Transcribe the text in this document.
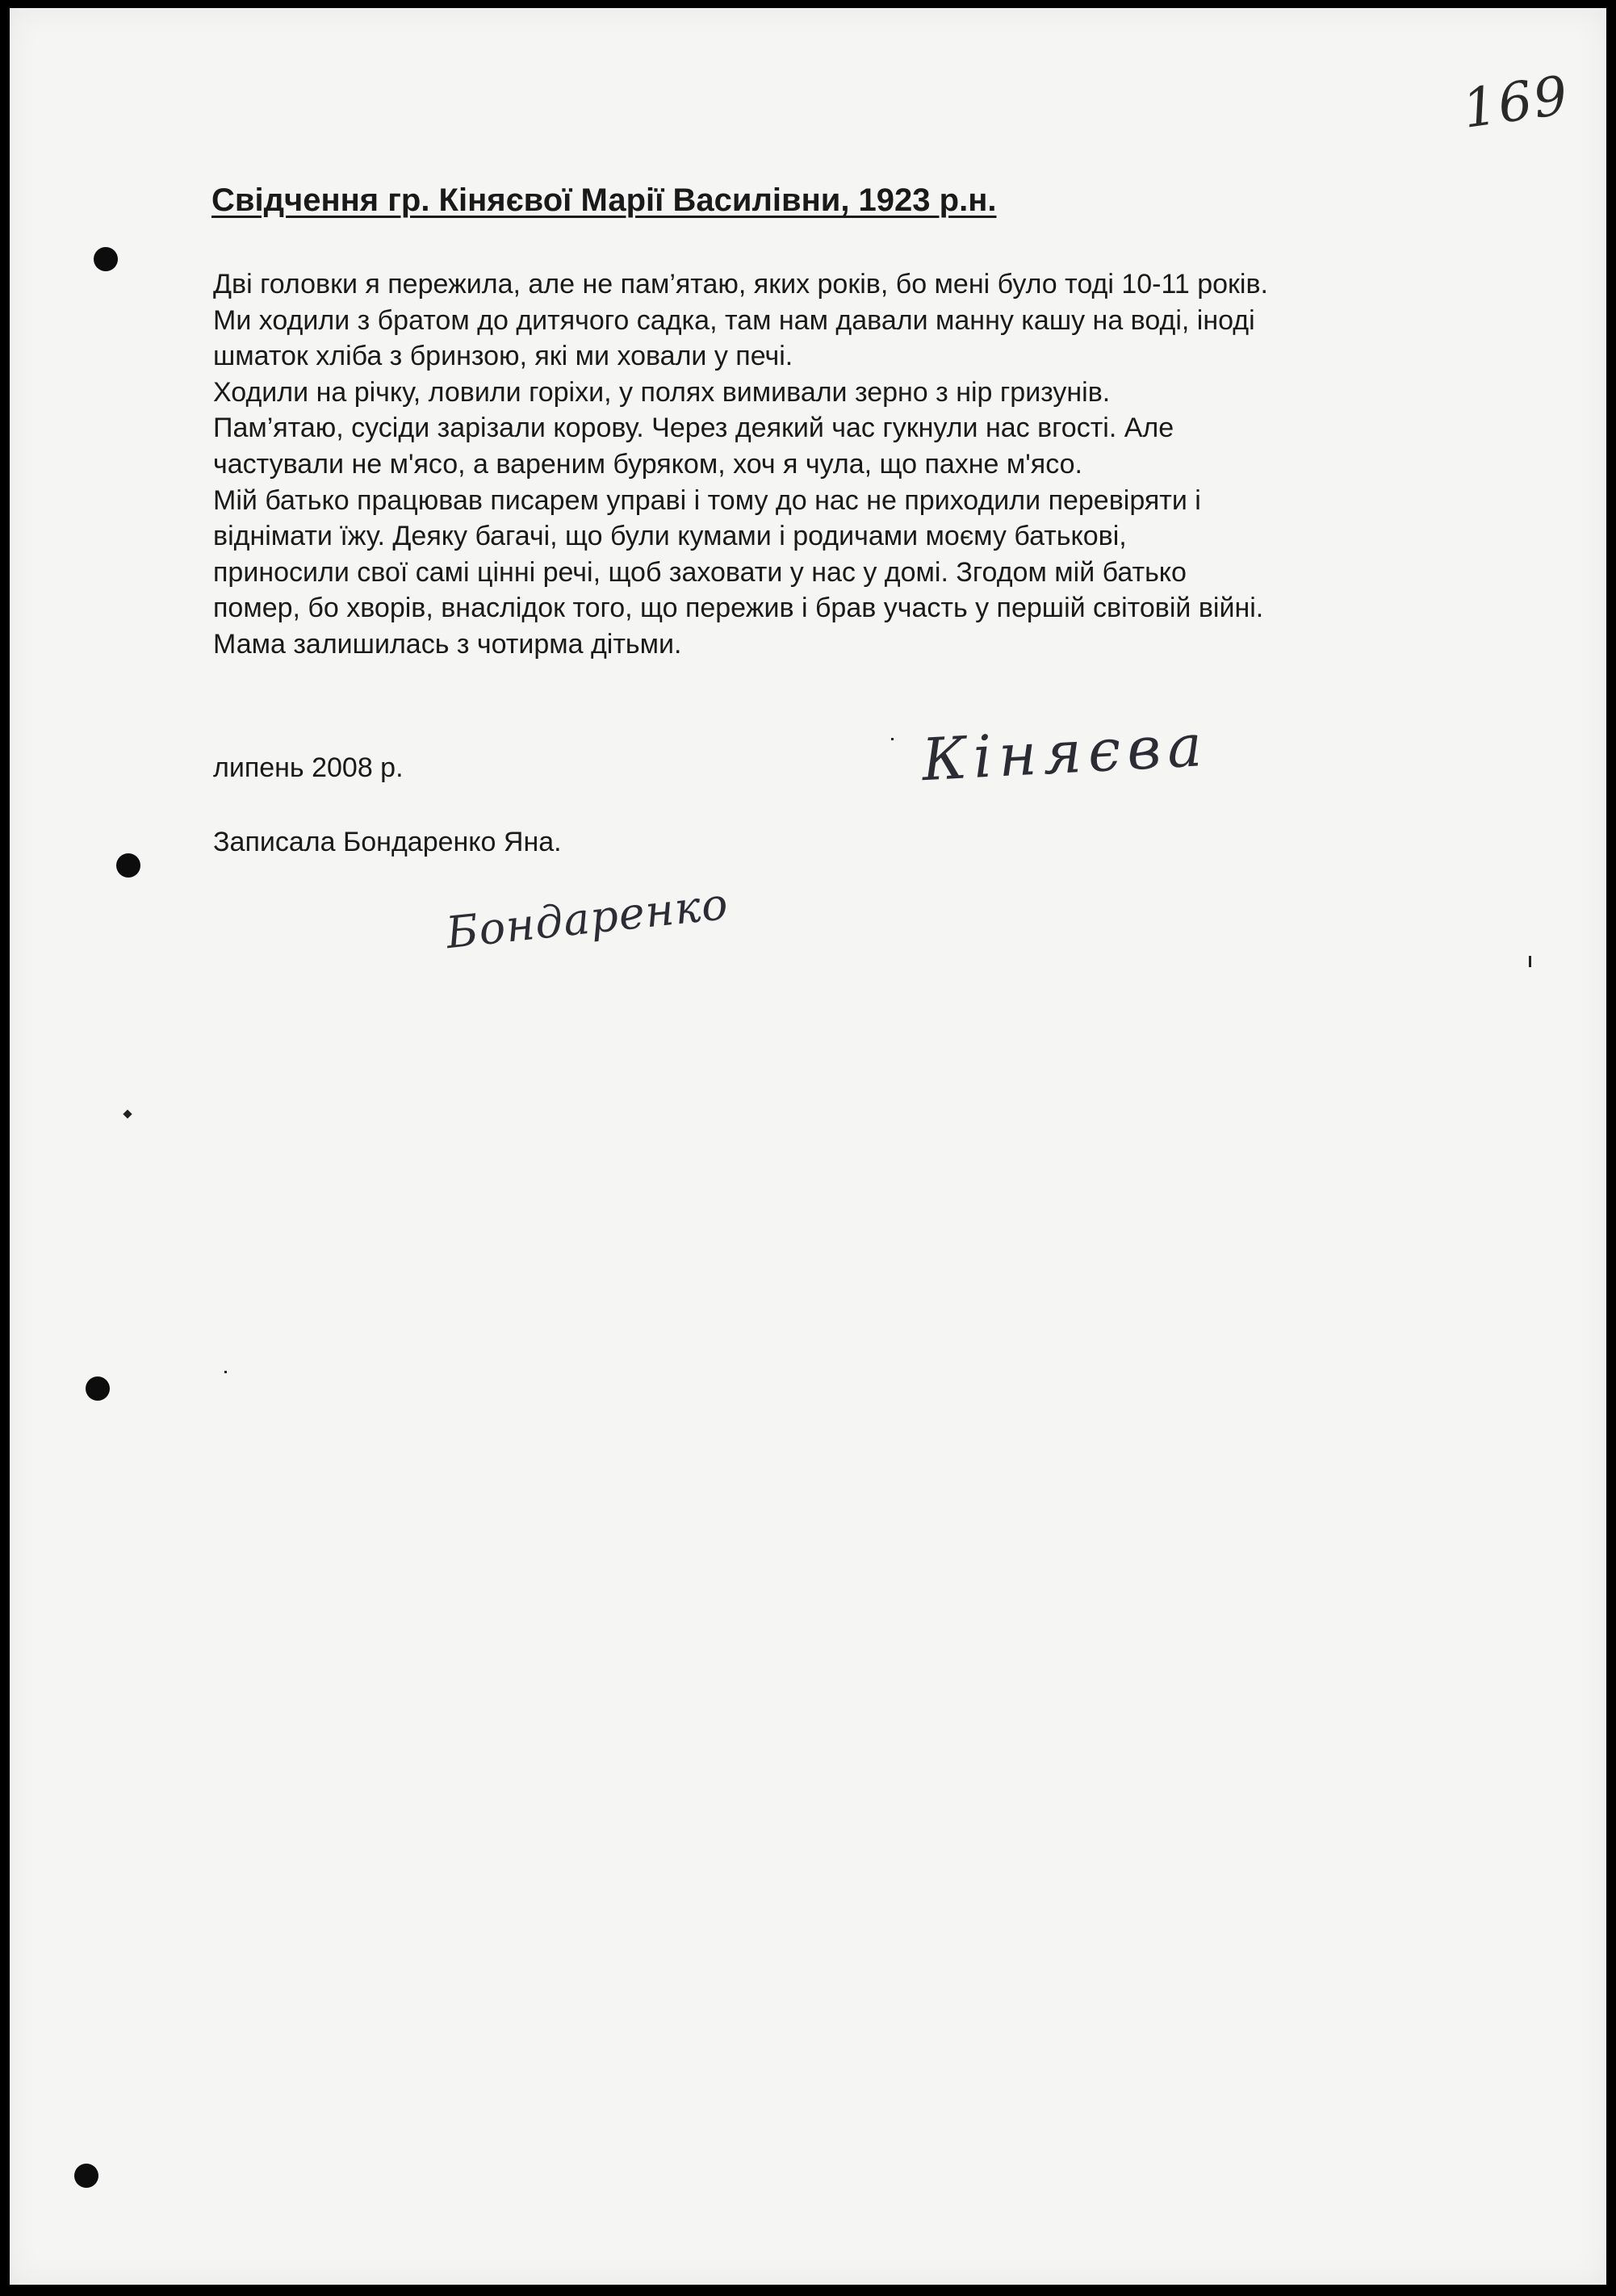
169
Свідчення гр. Кіняєвої Марії Василівни, 1923 р.н.
Дві головки я пережила, але не пам’ятаю, яких років, бо мені було тоді 10-11 років.
Ми ходили з братом до дитячого садка, там нам давали манну кашу на воді, іноді
шматок хліба з бринзою, які ми ховали у печі.
Ходили на річку, ловили горіхи, у полях вимивали зерно з нір гризунів.
Пам’ятаю, сусіди зарізали корову. Через деякий час гукнули нас вгості. Але
частували не м'ясо, а вареним буряком, хоч я чула, що пахне м'ясо.
Мій батько працював писарем управі і тому до нас не приходили перевіряти і
віднімати їжу. Деяку багачі, що були кумами і родичами моєму батькові,
приносили свої самі цінні речі, щоб заховати у нас у домі. Згодом мій батько
помер, бо хворів, внаслідок того, що пережив і брав участь у першій світовій війні.
Мама залишилась з чотирма дітьми.
липень 2008 р.	Кіняєва
Записала Бондаренко Яна.
Бондаренко
